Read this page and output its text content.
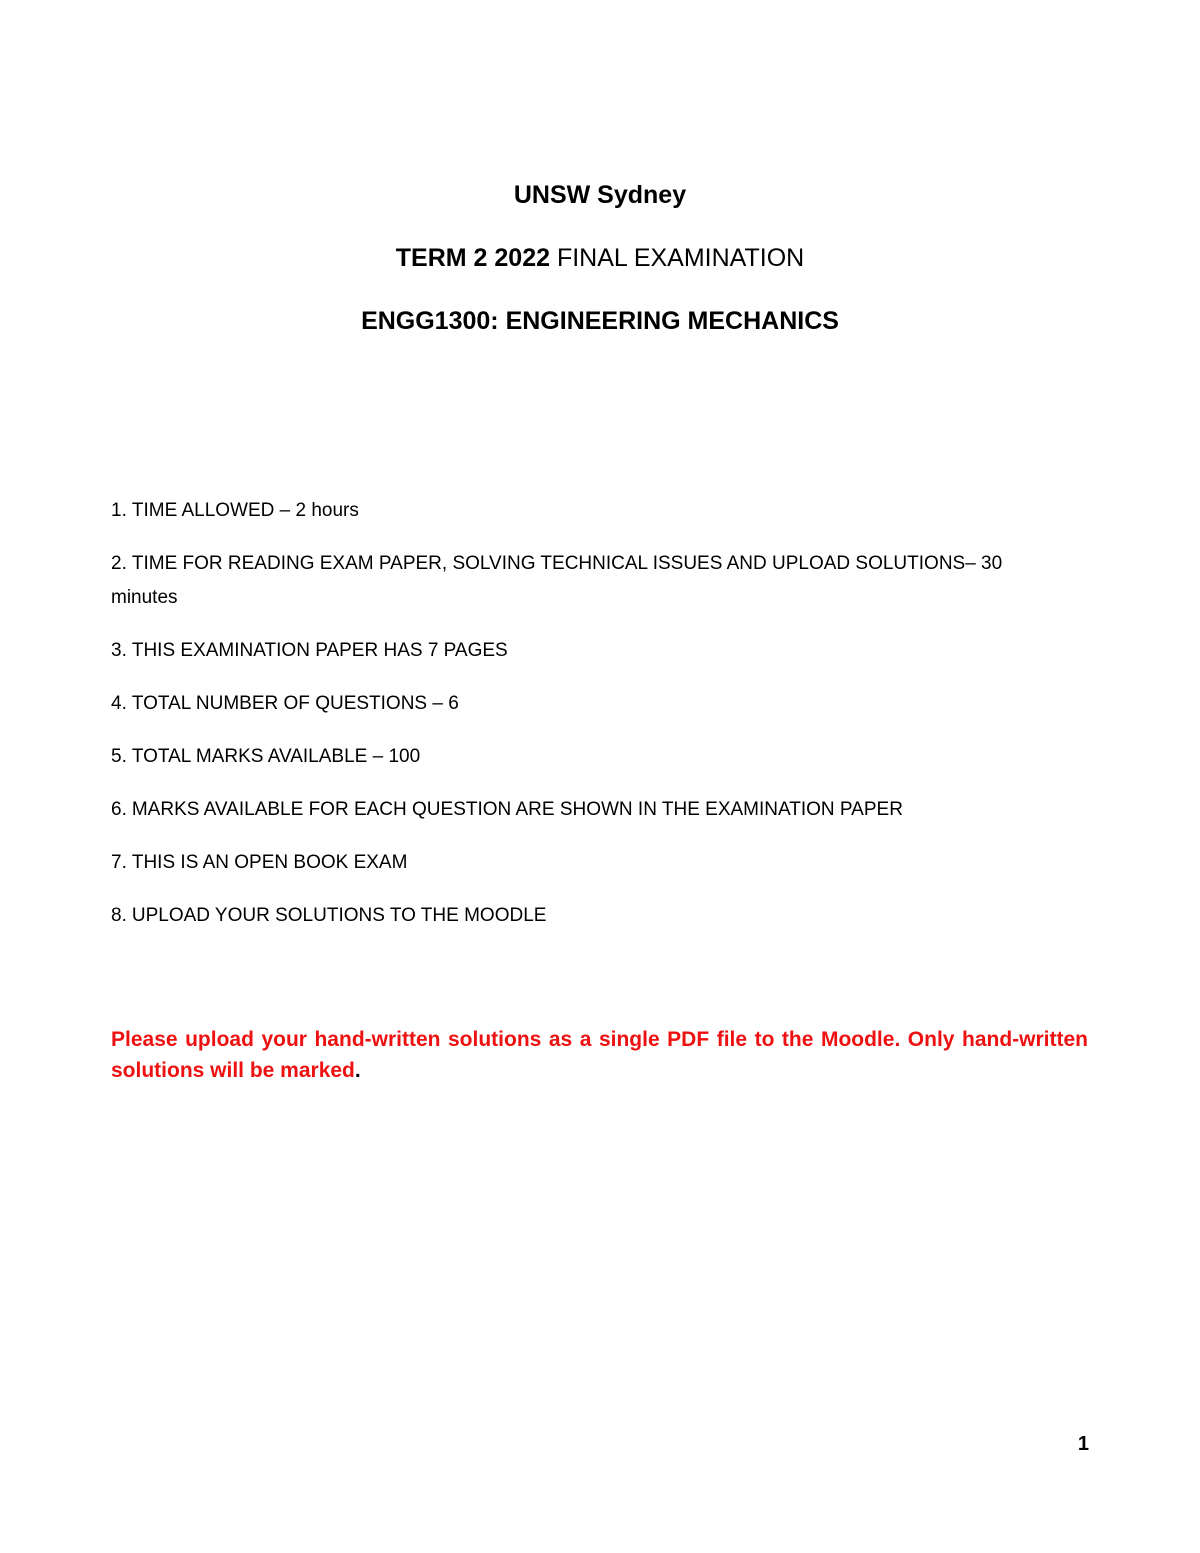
UNSW Sydney
TERM 2 2022 FINAL EXAMINATION
ENGG1300: ENGINEERING MECHANICS
1. TIME ALLOWED – 2 hours
2. TIME FOR READING EXAM PAPER, SOLVING TECHNICAL ISSUES AND UPLOAD SOLUTIONS– 30 minutes
3. THIS EXAMINATION PAPER HAS 7 PAGES
4. TOTAL NUMBER OF QUESTIONS – 6
5. TOTAL MARKS AVAILABLE – 100
6. MARKS AVAILABLE FOR EACH QUESTION ARE SHOWN IN THE EXAMINATION PAPER
7. THIS IS AN OPEN BOOK EXAM
8. UPLOAD YOUR SOLUTIONS TO THE MOODLE

Please upload your hand-written solutions as a single PDF file to the Moodle. Only hand-written solutions will be marked.

1
